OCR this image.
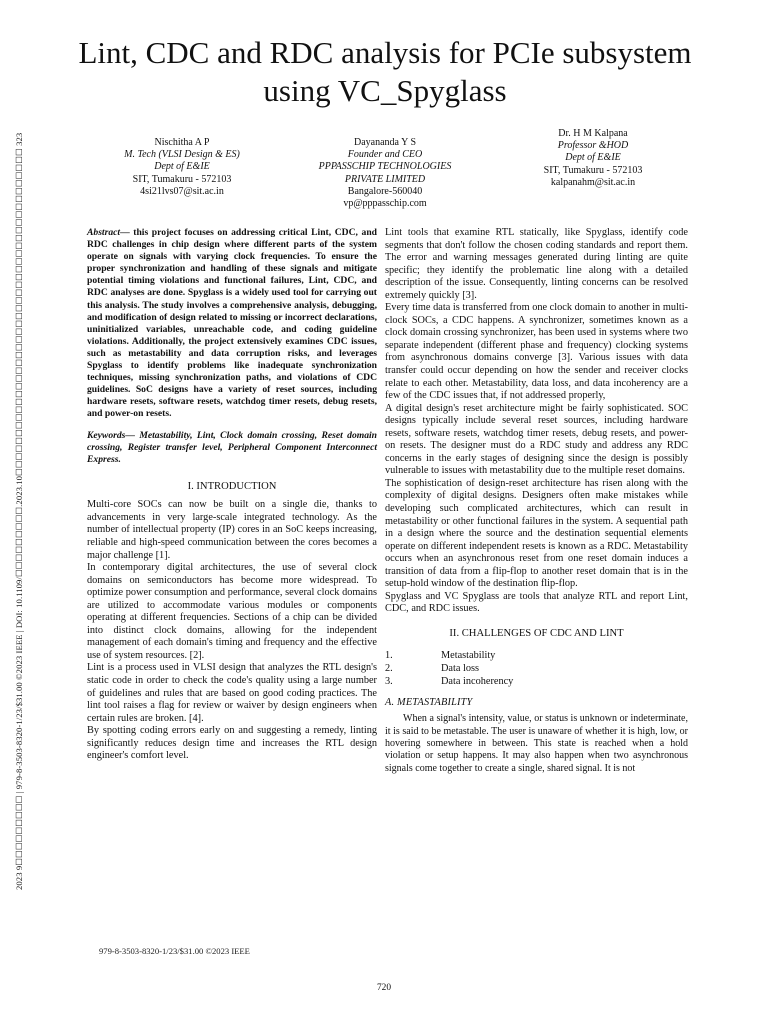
2023 9☐☐☐☐☐☐☐☐☐ | 979-8-3503-8320-1/23/$31.00 ©2023 IEEE | DOI: 10.1109/☐☐☐☐☐☐☐☐☐.2023.10☐☐☐☐☐☐☐☐☐☐☐☐☐☐☐☐☐☐☐☐☐☐☐☐☐☐☐☐☐☐☐☐☐☐☐☐☐☐☐☐☐☐ 323
Lint, CDC and RDC analysis for PCIe subsystem using VC_Spyglass
Nischitha A P
M. Tech (VLSI Design & ES)
Dept of E&IE
SIT, Tumakuru - 572103
4si21lvs07@sit.ac.in
Dayananda Y S
Founder and CEO
PPPASSCHIP TECHNOLOGIES
PRIVATE LIMITED
Bangalore-560040
vp@pppasschip.com
Dr. H M Kalpana
Professor &HOD
Dept of E&IE
SIT, Tumakuru - 572103
kalpanahm@sit.ac.in

Abstract— this project focuses on addressing critical Lint, CDC, and RDC challenges in chip design where different parts of the system operate on signals with varying clock frequencies. To ensure the proper synchronization and handling of these signals and mitigate potential timing violations and functional failures, Lint, CDC, and RDC analyses are done. Spyglass is a widely used tool for carrying out this analysis. The study involves a comprehensive analysis, debugging, and modification of design related to missing or incorrect declarations, uninitialized variables, unreachable code, and coding guideline violations. Additionally, the project extensively examines CDC issues, such as metastability and data corruption risks, and leverages Spyglass to identify problems like inadequate synchronization techniques, missing synchronization paths, and violations of CDC guidelines. SoC designs have a variety of reset sources, including hardware resets, software resets, watchdog timer resets, debug resets, and power-on resets.

Keywords— Metastability, Lint, Clock domain crossing, Reset domain crossing, Register transfer level, Peripheral Component Interconnect Express.

I. INTRODUCTION

Multi-core SOCs can now be built on a single die, thanks to advancements in very large-scale integrated technology. As the number of intellectual property (IP) cores in an SoC keeps increasing, reliable and high-speed communication between the cores becomes a major challenge [1].

In contemporary digital architectures, the use of several clock domains on semiconductors has become more widespread. To optimize power consumption and performance, several clock domains are utilized to accommodate various modules or components operating at different frequencies. Sections of a chip can be divided into distinct clock domains, allowing for the independent management of each domain's timing and frequency and the effective use of system resources. [2].

Lint is a process used in VLSI design that analyzes the RTL design's static code in order to check the code's quality using a large number of guidelines and rules that are based on good coding practices. The lint tool raises a flag for review or waiver by design engineers when certain rules are broken. [4].

By spotting coding errors early on and suggesting a remedy, linting significantly reduces design time and increases the RTL design engineer's comfort level.

Lint tools that examine RTL statically, like Spyglass, identify code segments that don't follow the chosen coding standards and report them. The error and warning messages generated during linting are quite specific; they identify the problematic line along with a detailed description of the issue. Consequently, linting concerns can be resolved extremely quickly [3].

Every time data is transferred from one clock domain to another in multi-clock SOCs, a CDC happens. A synchronizer, sometimes known as a clock domain crossing synchronizer, has been used in systems where two separate independent (different phase and frequency) clocking systems from asynchronous domains converge [3]. Various issues with data transfer could occur depending on how the sender and receiver clocks relate to each other. Metastability, data loss, and data incoherency are a few of the CDC issues that, if not addressed properly,

A digital design's reset architecture might be fairly sophisticated. SOC designs typically include several reset sources, including hardware resets, software resets, watchdog timer resets, debug resets, and power-on resets. The designer must do a RDC study and address any RDC concerns in the early stages of designing since the design is possibly vulnerable to issues with metastability due to the multiple reset domains.

The sophistication of design-reset architecture has risen along with the complexity of digital designs. Designers often make mistakes while developing such complicated architectures, which can result in metastability or other functional failures in the system. A sequential path in a design where the source and the destination sequential elements operate on different independent resets is known as a RDC. Metastability occurs when an asynchronous reset from one reset domain induces a transition of data from a flip-flop to another reset domain that is in the setup-hold window of the destination flip-flop.

Spyglass and VC Spyglass are tools that analyze RTL and report Lint, CDC, and RDC issues.

II. CHALLENGES OF CDC AND LINT

1.	Metastability
2.	Data loss
3.	Data incoherency

A. METASTABILITY

When a signal's intensity, value, or status is unknown or indeterminate, it is said to be metastable. The user is unaware of whether it is high, low, or hovering somewhere in between. This state is reached when a hold violation or setup happens. It may also happen when two asynchronous signals come together to create a single, shared signal. It is not

979-8-3503-8320-1/23/$31.00 ©2023 IEEE
720
